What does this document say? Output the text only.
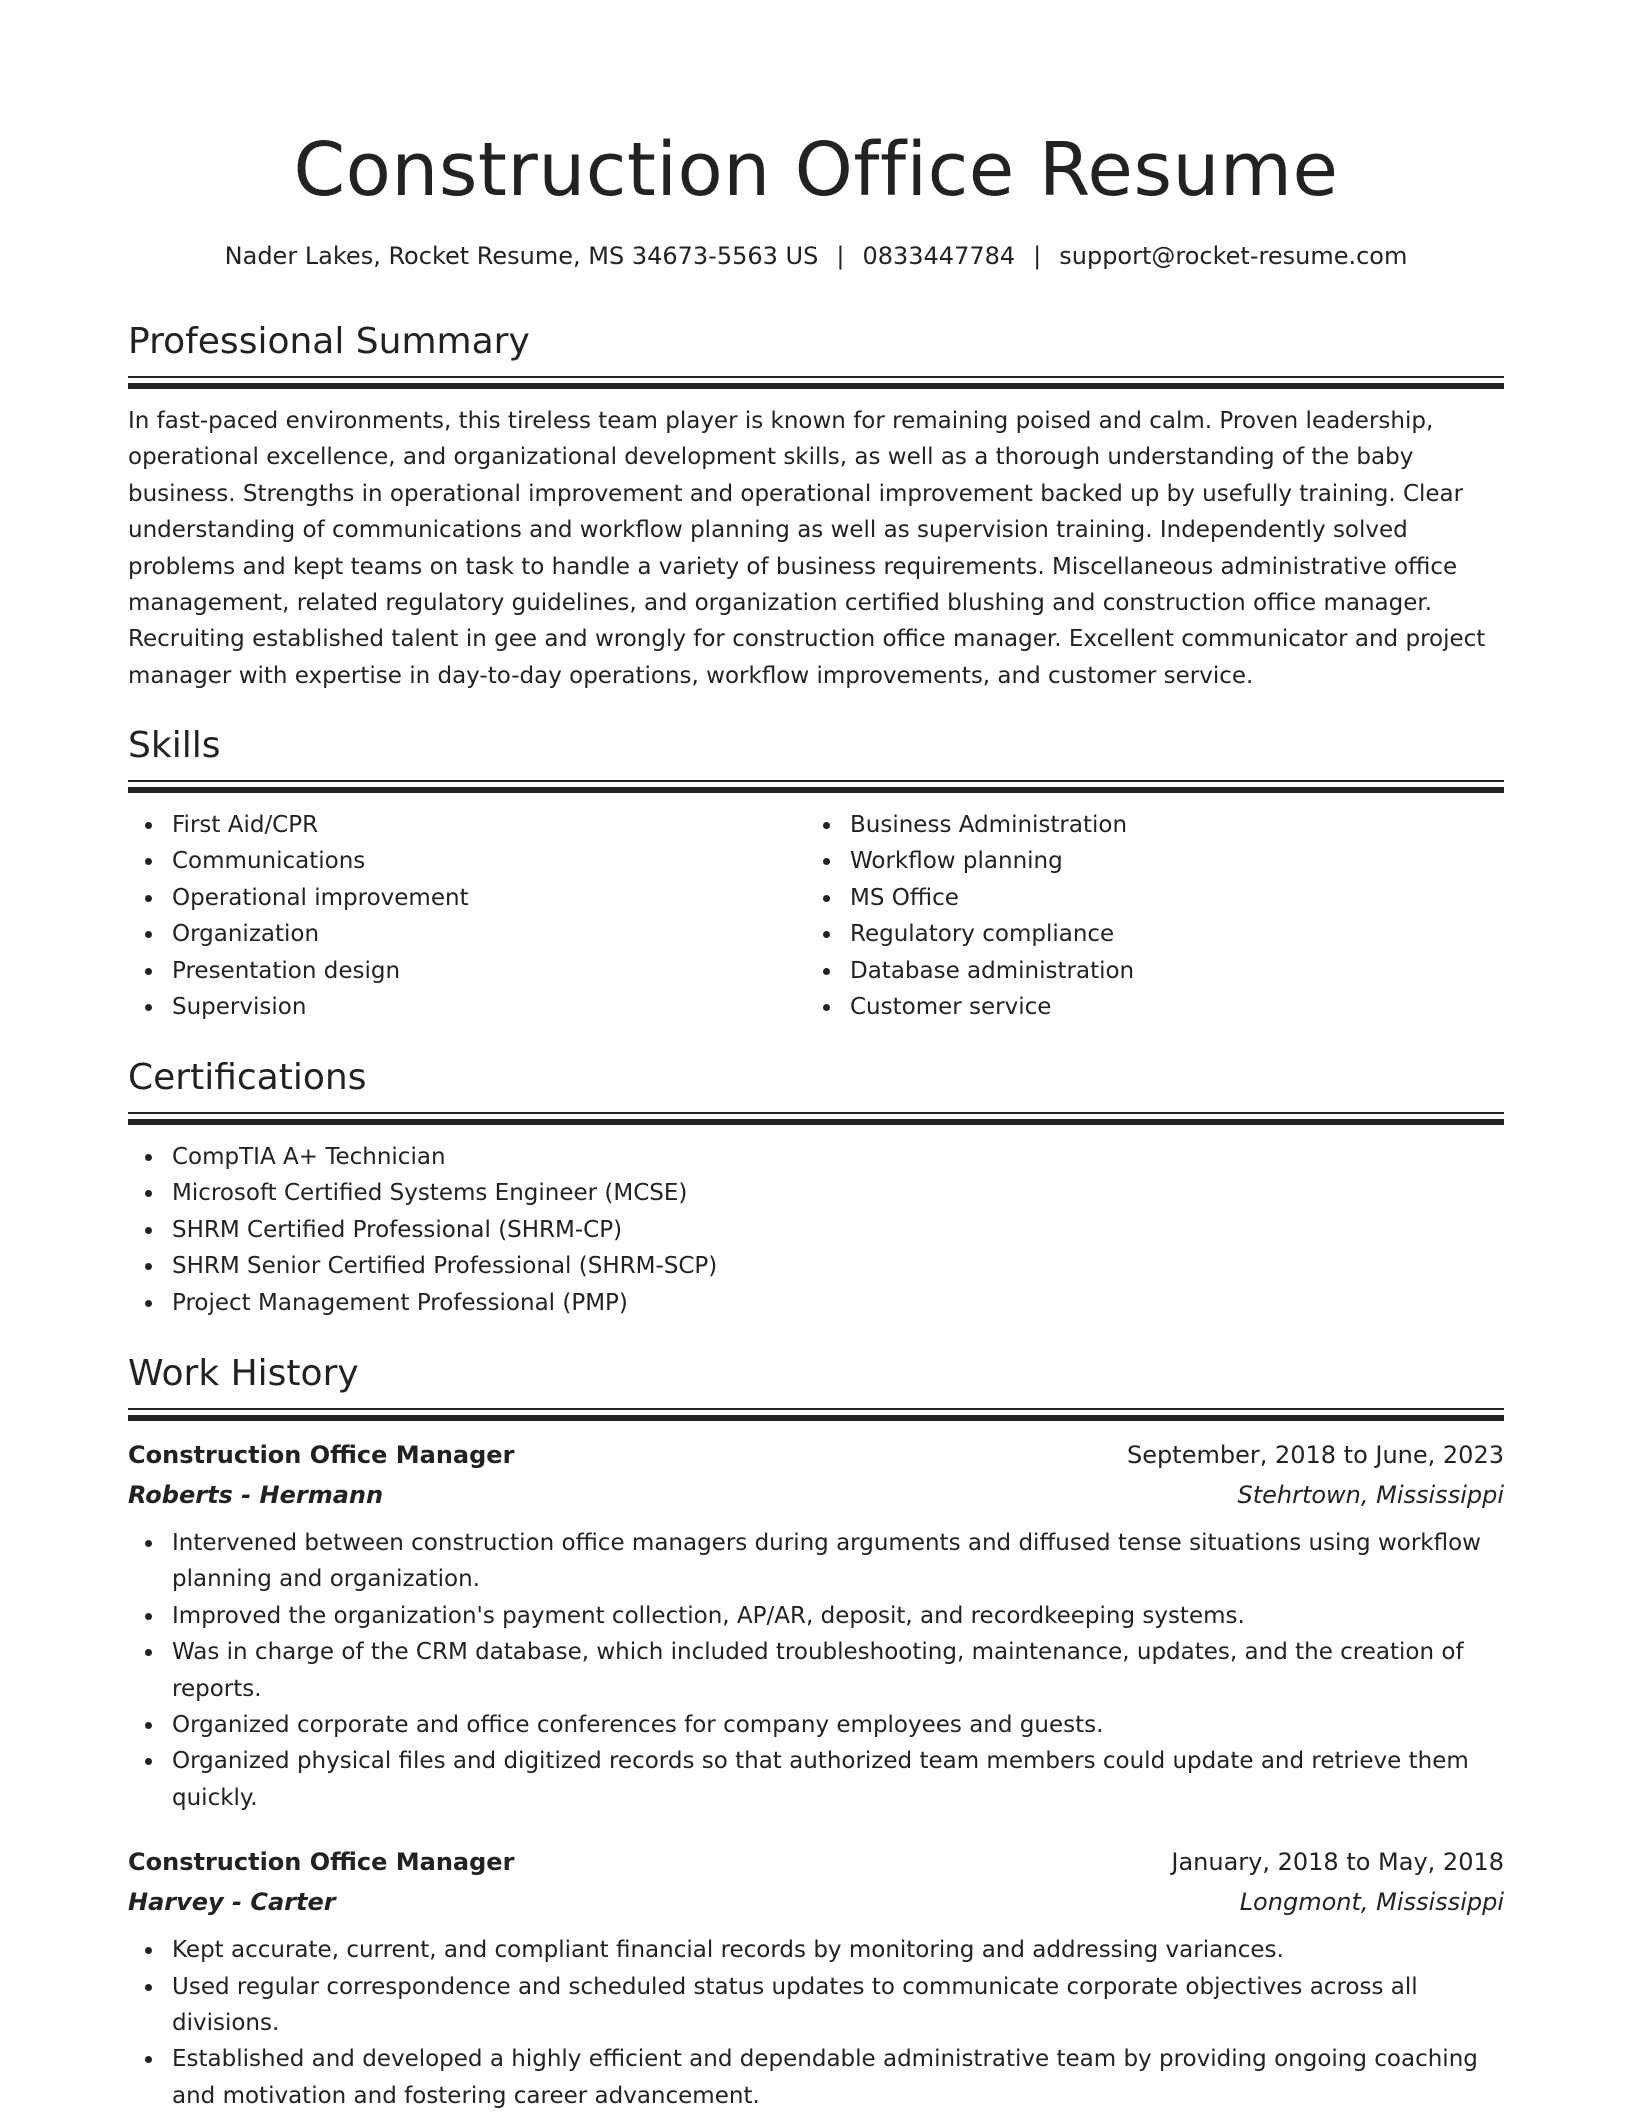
Construction Office Resume
Nader Lakes, Rocket Resume, MS 34673-5563 US | 0833447784 | support@rocket-resume.com
Professional Summary

In fast-paced environments, this tireless team player is known for remaining poised and calm. Proven leadership, operational excellence, and organizational development skills, as well as a thorough understanding of the baby business. Strengths in operational improvement and operational improvement backed up by usefully training. Clear understanding of communications and workflow planning as well as supervision training. Independently solved problems and kept teams on task to handle a variety of business requirements. Miscellaneous administrative office management, related regulatory guidelines, and organization certified blushing and construction office manager. Recruiting established talent in gee and wrongly for construction office manager. Excellent communicator and project manager with expertise in day-to-day operations, workflow improvements, and customer service.

Skills
First Aid/CPR
Communications
Operational improvement
Organization
Presentation design
Supervision
Business Administration
Workflow planning
MS Office
Regulatory compliance
Database administration
Customer service
Certifications
CompTIA A+ Technician
Microsoft Certified Systems Engineer (MCSE)
SHRM Certified Professional (SHRM-CP)
SHRM Senior Certified Professional (SHRM-SCP)
Project Management Professional (PMP)
Work History
Construction Office Manager	September, 2018 to June, 2023
Roberts - Hermann	Stehrtown, Mississippi
Intervened between construction office managers during arguments and diffused tense situations using workflow planning and organization.
Improved the organization's payment collection, AP/AR, deposit, and recordkeeping systems.
Was in charge of the CRM database, which included troubleshooting, maintenance, updates, and the creation of reports.
Organized corporate and office conferences for company employees and guests.
Organized physical files and digitized records so that authorized team members could update and retrieve them quickly.
Construction Office Manager	January, 2018 to May, 2018
Harvey - Carter	Longmont, Mississippi
Kept accurate, current, and compliant financial records by monitoring and addressing variances.
Used regular correspondence and scheduled status updates to communicate corporate objectives across all divisions.
Established and developed a highly efficient and dependable administrative team by providing ongoing coaching and motivation and fostering career advancement.
